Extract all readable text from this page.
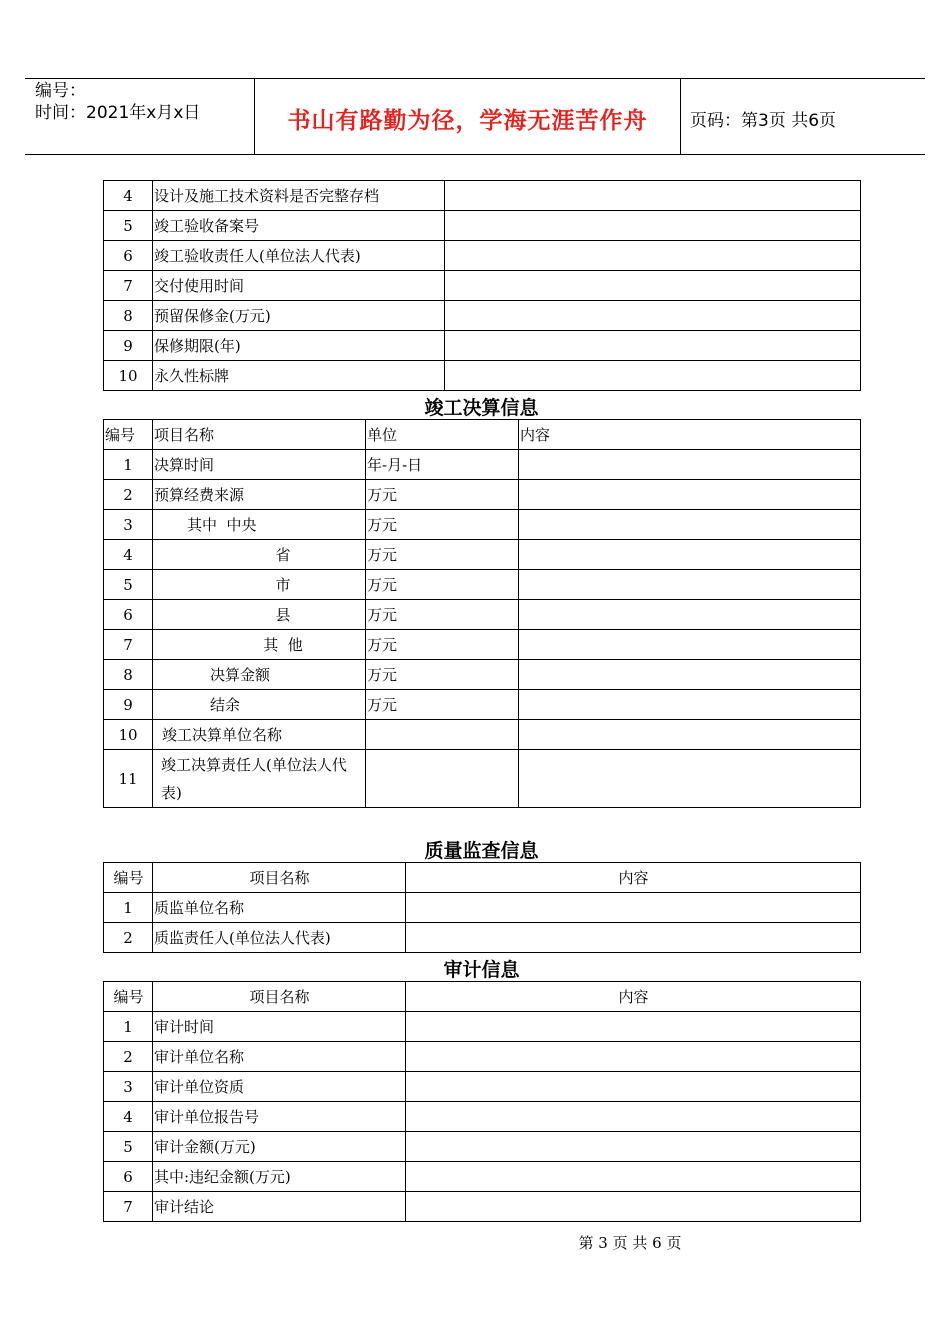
编号：
时间：2021年x月x日	书山有路勤为径，学海无涯苦作舟	页码：第3页 共6页
4	设计及施工技术资料是否完整存档	
5	竣工验收备案号	
6	竣工验收责任人(单位法人代表)	
7	交付使用时间	
8	预留保修金(万元)	
9	保修期限(年)	
10	永久性标牌	
竣工决算信息
编号	项目名称	单位	内容
1	决算时间	年-月-日	
2	预算经费来源	万元	
3	其中  中央	万元	
4	省	万元	
5	市	万元	
6	县	万元	
7	其  他	万元	
8	决算金额	万元	
9	结余	万元	
10	竣工决算单位名称		
11	竣工决算责任人(单位法人代表)		
质量监查信息
编号	项目名称	内容
1	质监单位名称	
2	质监责任人(单位法人代表)	
审计信息
编号	项目名称	内容
1	审计时间	
2	审计单位名称	
3	审计单位资质	
4	审计单位报告号	
5	审计金额(万元)	
6	其中:违纪金额(万元)	
7	审计结论	
第 3 页 共 6 页
